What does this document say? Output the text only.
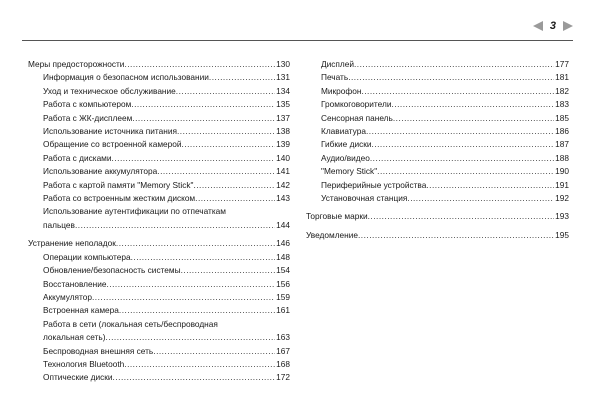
3
Меры предосторожности .....	130
Информация о безопасном использовании .....	131
Уход и техническое обслуживание .....	134
Работа с компьютером .....	135
Работа с ЖК-дисплеем .....	137
Использование источника питания .....	138
Обращение со встроенной камерой .....	139
Работа с дисками .....	140
Использование аккумулятора .....	141
Работа с картой памяти "Memory Stick" .....	142
Работа со встроенным жестким диском .....	143
Использование аутентификации по отпечаткам
пальцев .....	144
Устранение неполадок .....	146
Операции компьютера .....	148
Обновление/безопасность системы .....	154
Восстановление .....	156
Аккумулятор .....	159
Встроенная камера .....	161
Работа в сети (локальная сеть/беспроводная
локальная сеть) .....	163
Беспроводная внешняя сеть .....	167
Технология Bluetooth .....	168
Оптические диски .....	172
Дисплей .....	177
Печать .....	181
Микрофон .....	182
Громкоговорители .....	183
Сенсорная панель .....	185
Клавиатура .....	186
Гибкие диски .....	187
Аудио/видео .....	188
"Memory Stick" .....	190
Периферийные устройства .....	191
Установочная станция .....	192
Торговые марки .....	193
Уведомление .....	195
